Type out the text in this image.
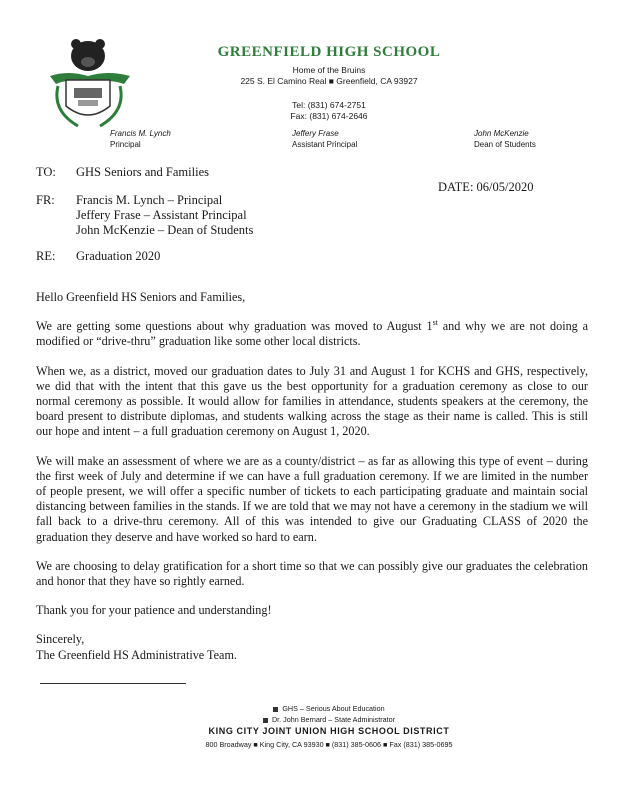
GREENFIELD HIGH SCHOOL
Home of the Bruins
225 S. El Camino Real ■ Greenfield, CA 93927
Tel: (831) 674-2751
Fax: (831) 674-2646
Francis M. Lynch
Principal
Jeffery Frase
Assistant Principal
John McKenzie
Dean of Students
TO: GHS Seniors and Families
DATE: 06/05/2020
FR: Francis M. Lynch – Principal
Jeffery Frase – Assistant Principal
John McKenzie – Dean of Students
RE: Graduation 2020

Hello Greenfield HS Seniors and Families,

We are getting some questions about why graduation was moved to August 1st and why we are not doing a modified or “drive-thru” graduation like some other local districts.

When we, as a district, moved our graduation dates to July 31 and August 1 for KCHS and GHS, respectively, we did that with the intent that this gave us the best opportunity for a graduation ceremony as close to our normal ceremony as possible. It would allow for families in attendance, students speakers at the ceremony, the board present to distribute diplomas, and students walking across the stage as their name is called. This is still our hope and intent – a full graduation ceremony on August 1, 2020.

We will make an assessment of where we are as a county/district – as far as allowing this type of event – during the first week of July and determine if we can have a full graduation ceremony. If we are limited in the number of people present, we will offer a specific number of tickets to each participating graduate and maintain social distancing between families in the stands. If we are told that we may not have a ceremony in the stadium we will fall back to a drive-thru ceremony. All of this was intended to give our Graduating CLASS of 2020 the graduation they deserve and have worked so hard to earn.

We are choosing to delay gratification for a short time so that we can possibly give our graduates the celebration and honor that they have so rightly earned.

Thank you for your patience and understanding!

Sincerely,

The Greenfield HS Administrative Team.

GHS – Serious About Education
Dr. John Bernard – State Administrator
KING CITY JOINT UNION HIGH SCHOOL DISTRICT
800 Broadway ■ King City, CA 93930 ■ (831) 385-0606 ■ Fax (831) 385-0695
